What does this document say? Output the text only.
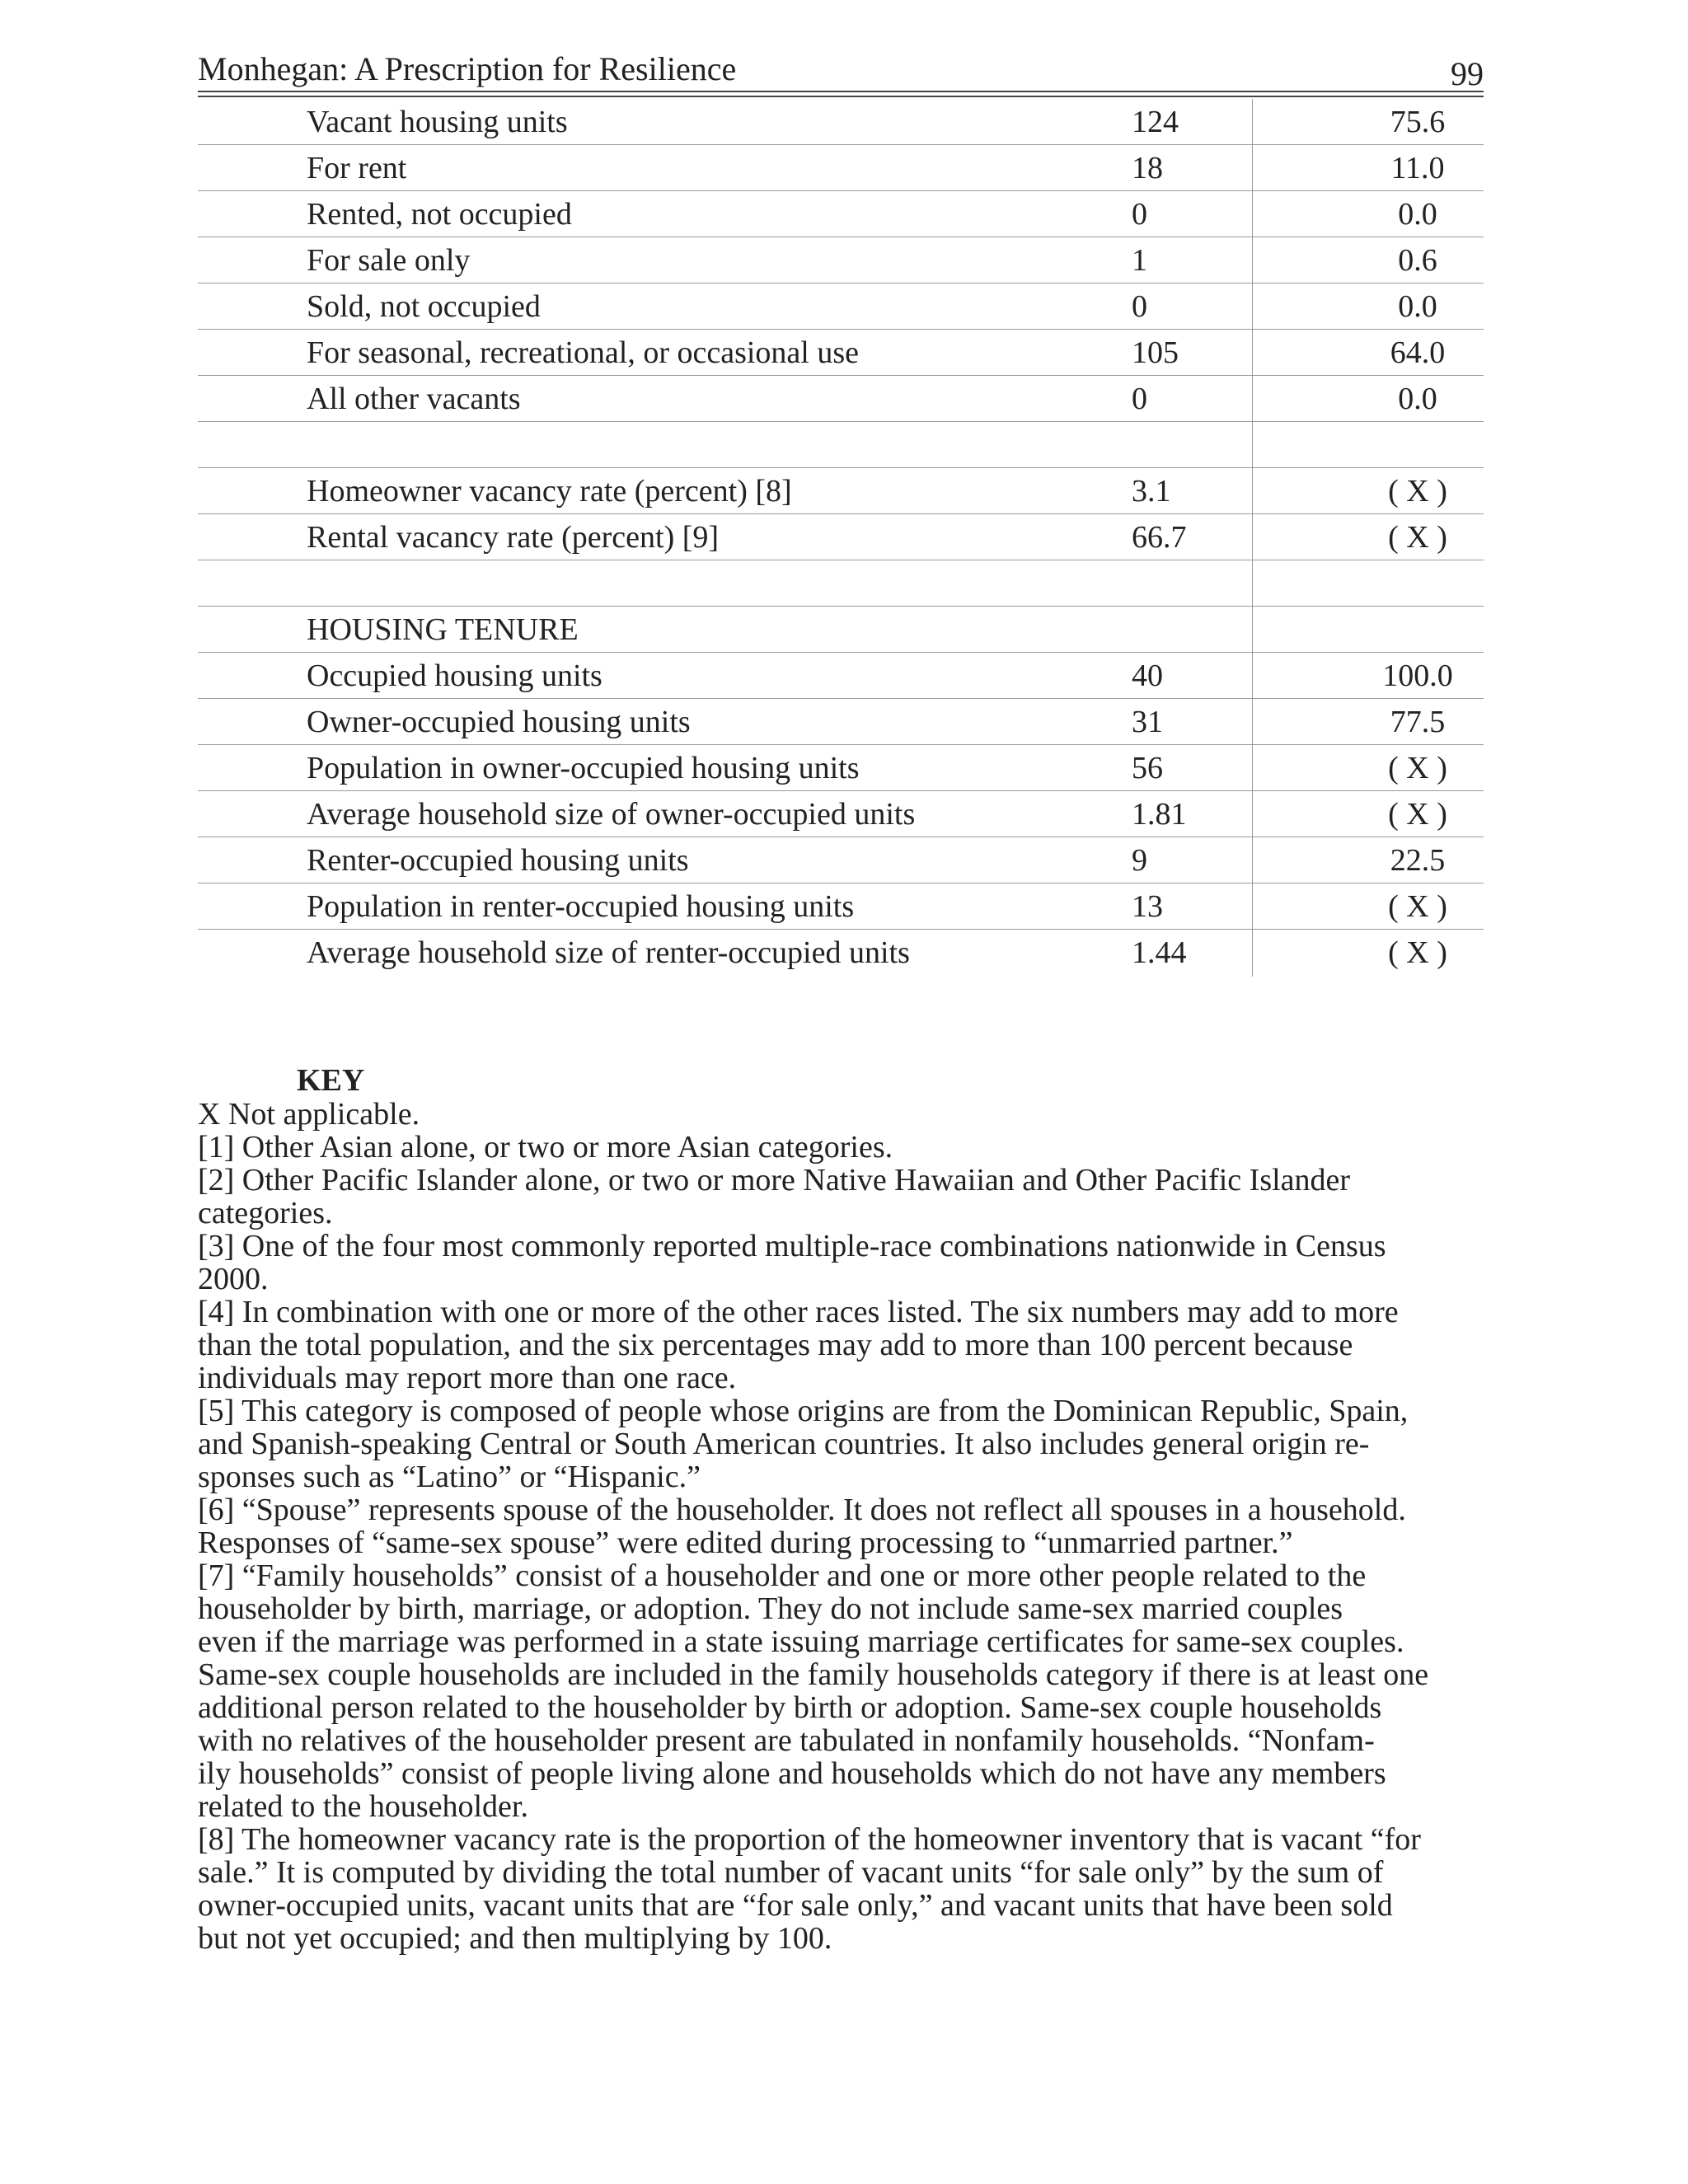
Monhegan: A Prescription for Resilience	99
Vacant housing units	124	75.6
For rent	18	11.0
Rented, not occupied	0	0.0
For sale only	1	0.6
Sold, not occupied	0	0.0
For seasonal, recreational, or occasional use	105	64.0
All other vacants	0	0.0
Homeowner vacancy rate (percent) [8]	3.1	( X )
Rental vacancy rate (percent) [9]	66.7	( X )
HOUSING TENURE
Occupied housing units	40	100.0
Owner-occupied housing units	31	77.5
Population in owner-occupied housing units	56	( X )
Average household size of owner-occupied units	1.81	( X )
Renter-occupied housing units	9	22.5
Population in renter-occupied housing units	13	( X )
Average household size of renter-occupied units	1.44	( X )
KEY
X Not applicable.
[1] Other Asian alone, or two or more Asian categories.
[2] Other Pacific Islander alone, or two or more Native Hawaiian and Other Pacific Islander
categories.
[3] One of the four most commonly reported multiple-race combinations nationwide in Census
2000.
[4] In combination with one or more of the other races listed. The six numbers may add to more
than the total population, and the six percentages may add to more than 100 percent because
individuals may report more than one race.
[5] This category is composed of people whose origins are from the Dominican Republic, Spain,
and Spanish-speaking Central or South American countries. It also includes general origin re-
sponses such as “Latino” or “Hispanic.”
[6] “Spouse” represents spouse of the householder. It does not reflect all spouses in a household.
Responses of “same-sex spouse” were edited during processing to “unmarried partner.”
[7] “Family households” consist of a householder and one or more other people related to the
householder by birth, marriage, or adoption. They do not include same-sex married couples
even if the marriage was performed in a state issuing marriage certificates for same-sex couples.
Same-sex couple households are included in the family households category if there is at least one
additional person related to the householder by birth or adoption. Same-sex couple households
with no relatives of the householder present are tabulated in nonfamily households. “Nonfam-
ily households” consist of people living alone and households which do not have any members
related to the householder.
[8] The homeowner vacancy rate is the proportion of the homeowner inventory that is vacant “for
sale.” It is computed by dividing the total number of vacant units “for sale only” by the sum of
owner-occupied units, vacant units that are “for sale only,” and vacant units that have been sold
but not yet occupied; and then multiplying by 100.
